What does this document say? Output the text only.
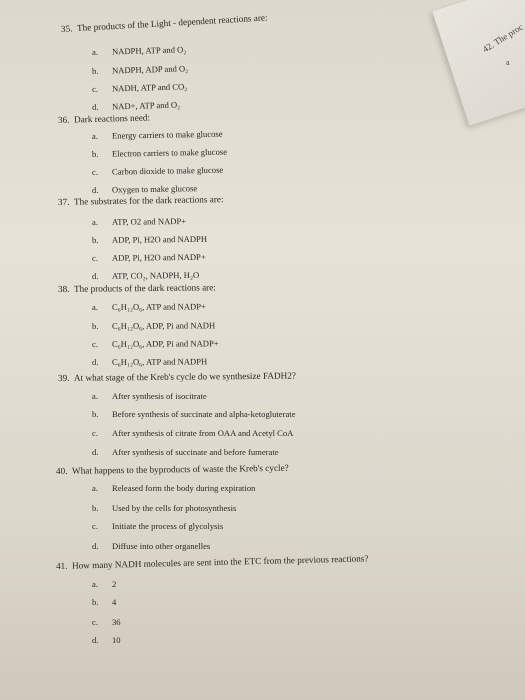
42. The proc
a
35. The products of the Light - dependent reactions are:
a. NADPH, ATP and O₂
b. NADPH, ADP and O₂
c. NADH, ATP and CO₂
d. NAD+, ATP and O₂
36. Dark reactions need:
a. Energy carriers to make glucose
b. Electron carriers to make glucose
c. Carbon dioxide to make glucose
d. Oxygen to make glucose
37. The substrates for the dark reactions are:
a. ATP, O2 and NADP+
b. ADP, Pi, H2O and NADPH
c. ADP, Pi, H2O and NADP+
d. ATP, CO₂, NADPH, H₂O
38. The products of the dark reactions are:
a. C₆H₁₂O₆, ATP and NADP+
b. C₆H₁₂O₆, ADP, Pi and NADH
c. C₆H₁₂O₆, ADP, Pi and NADP+
d. C₆H₁₂O₆, ATP and NADPH
39. At what stage of the Kreb's cycle do we synthesize FADH2?
a. After synthesis of isocitrate
b. Before synthesis of succinate and alpha-ketogluterate
c. After synthesis of citrate from OAA and Acetyl CoA
d. After synthesis of succinate and before fumerate
40. What happens to the byproducts of waste the Kreb's cycle?
a. Released form the body during expiration
b. Used by the cells for photosynthesis
c. Initiate the process of glycolysis
d. Diffuse into other organelles
41. How many NADH molecules are sent into the ETC from the previous reactions?
a. 2
b. 4
c. 36
d. 10
